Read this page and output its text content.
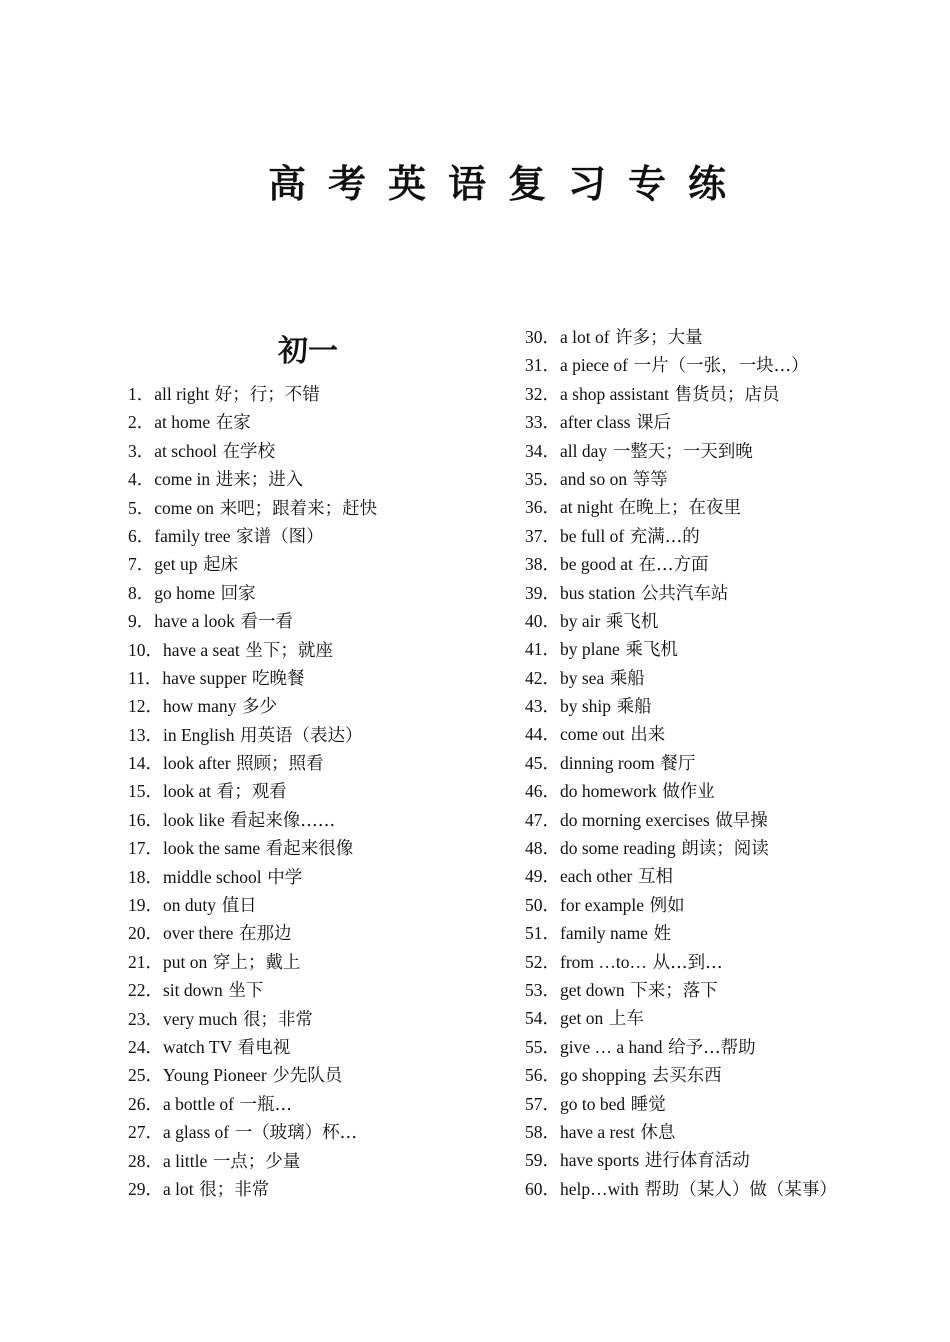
高考英语复习专练
初一
1．all right 好；行；不错
2．at home 在家
3．at school 在学校
4．come in 进来；进入
5．come on 来吧；跟着来；赶快
6．family tree 家谱（图）
7．get up 起床
8．go home 回家
9．have a look 看一看
10．have a seat 坐下；就座
11．have supper 吃晚餐
12．how many 多少
13．in English 用英语（表达）
14．look after 照顾；照看
15．look at 看；观看
16．look like 看起来像……
17．look the same 看起来很像
18．middle school 中学
19．on duty 值日
20．over there 在那边
21．put on 穿上；戴上
22．sit down 坐下
23．very much 很；非常
24．watch TV 看电视
25．Young Pioneer 少先队员
26．a bottle of 一瓶…
27．a glass of 一（玻璃）杯…
28．a little 一点；少量
29．a lot 很；非常
30．a lot of 许多；大量
31．a piece of 一片（一张，一块…）
32．a shop assistant 售货员；店员
33．after class 课后
34．all day 一整天；一天到晚
35．and so on 等等
36．at night 在晚上；在夜里
37．be full of 充满…的
38．be good at 在…方面
39．bus station 公共汽车站
40．by air 乘飞机
41．by plane 乘飞机
42．by sea 乘船
43．by ship 乘船
44．come out 出来
45．dinning room 餐厅
46．do homework 做作业
47．do morning exercises 做早操
48．do some reading 朗读；阅读
49．each other 互相
50．for example 例如
51．family name 姓
52．from …to… 从…到…
53．get down 下来；落下
54．get on 上车
55．give … a hand 给予…帮助
56．go shopping 去买东西
57．go to bed 睡觉
58．have a rest 休息
59．have sports 进行体育活动
60．help…with 帮助（某人）做（某事）
